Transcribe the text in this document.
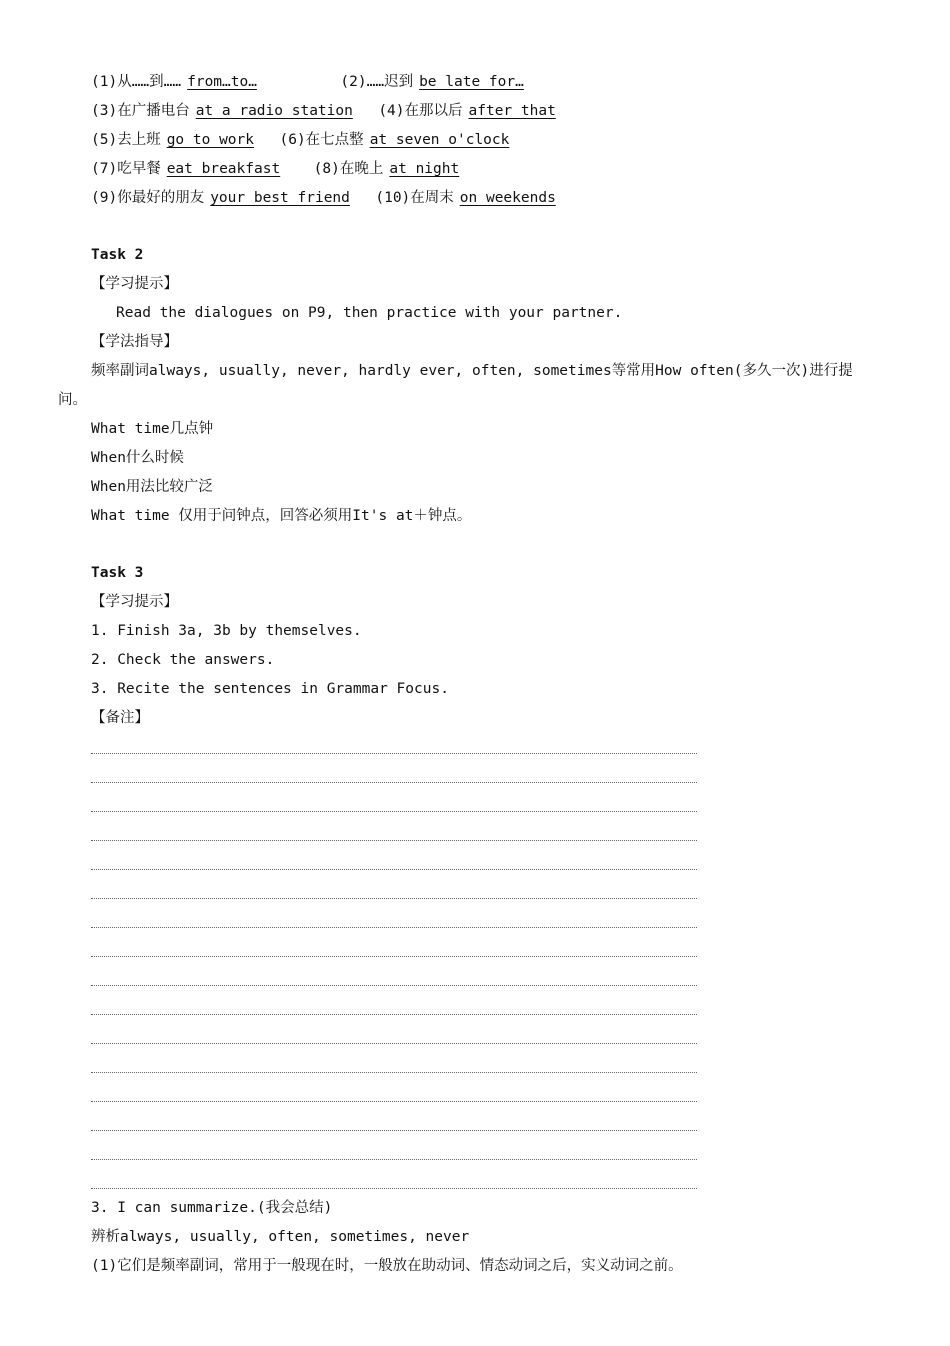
(1)从……到…… from…to…	(2)……迟到 be late for…
(3)在广播电台 at a radio station (4)在那以后 after that
(5)去上班 go to work (6)在七点整 at seven o'clock
(7)吃早餐 eat breakfast (8)在晚上 at night
(9)你最好的朋友 your best friend (10)在周末 on weekends
Task 2
【学习提示】
Read the dialogues on P9, then practice with your partner.
【学法指导】
频率副词always, usually, never, hardly ever, often, sometimes等常用How often(多久一次)进行提
问。
What time几点钟
When什么时候
When用法比较广泛
What time 仅用于问钟点，回答必须用It's at＋钟点。
Task 3
【学习提示】
1. Finish 3a, 3b by themselves.
2. Check the answers.
3. Recite the sentences in Grammar Focus.
【备注】
3. I can summarize.(我会总结)
辨析always, usually, often, sometimes, never
(1)它们是频率副词，常用于一般现在时，一般放在助动词、情态动词之后，实义动词之前。
